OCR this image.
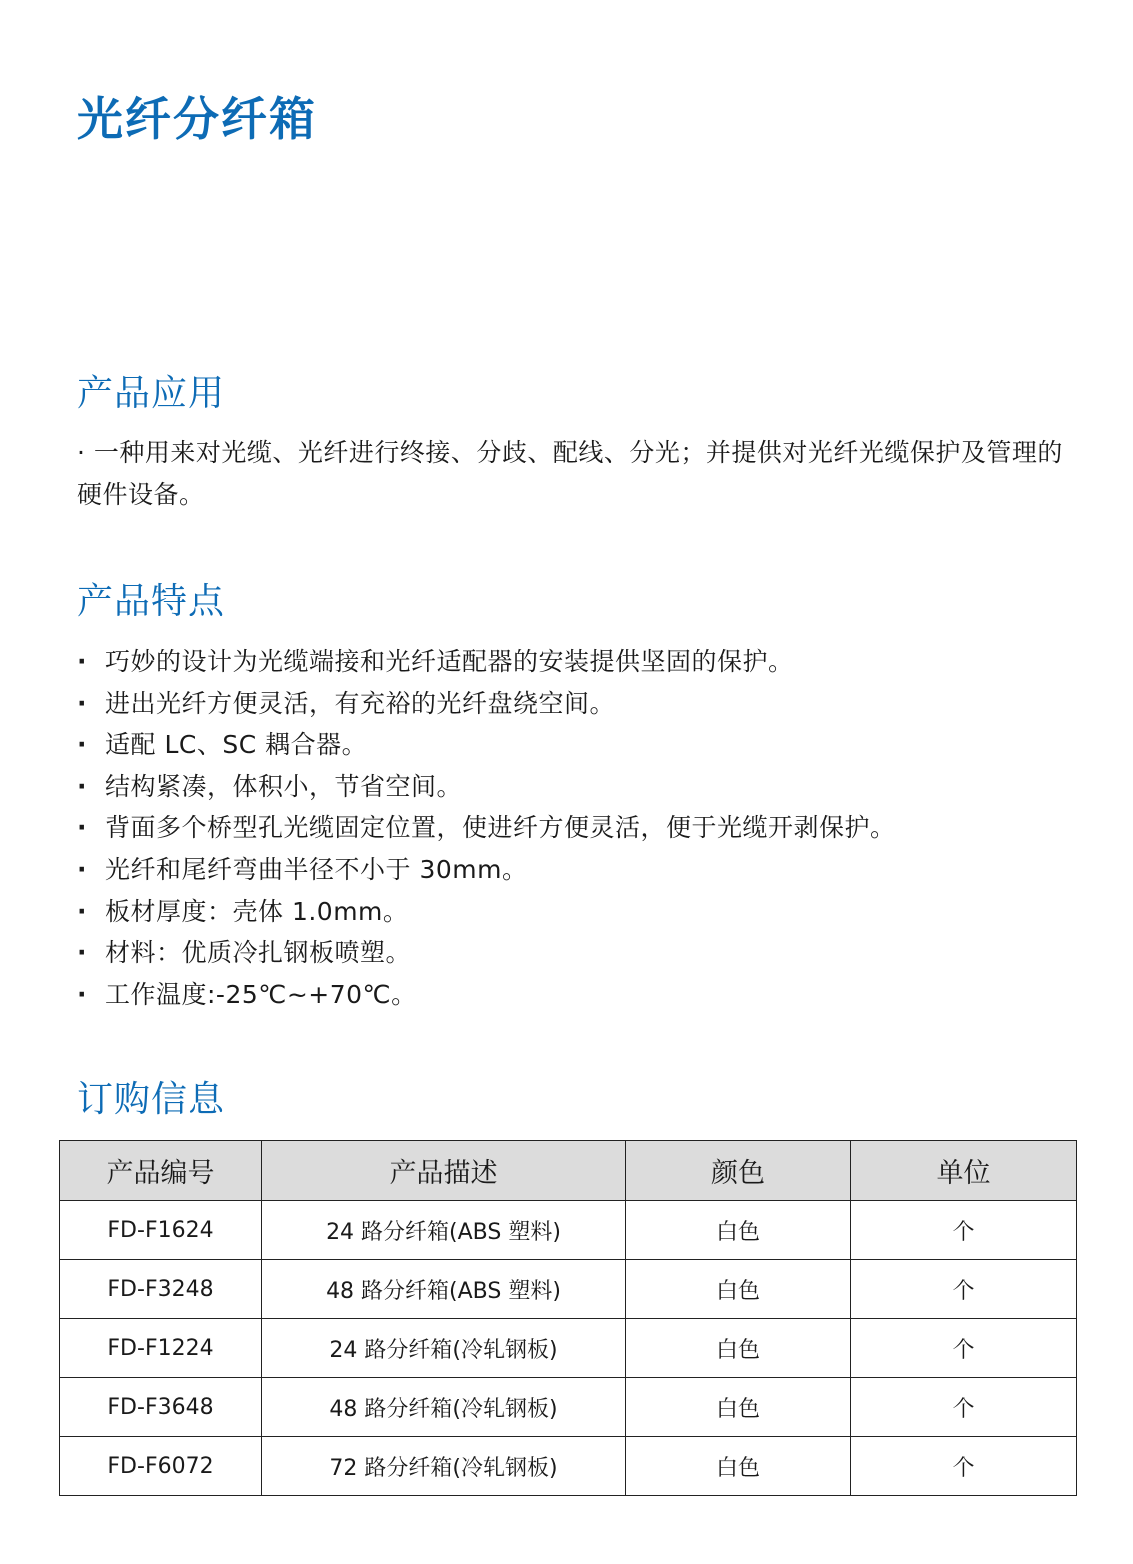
光纤分纤箱
产品应用
· 一种用来对光缆、光纤进行终接、分歧、配线、分光；并提供对光纤光缆保护及管理的硬件设备。
产品特点
· 巧妙的设计为光缆端接和光纤适配器的安装提供坚固的保护。
· 进出光纤方便灵活，有充裕的光纤盘绕空间。
· 适配 LC、SC 耦合器。
· 结构紧凑，体积小，节省空间。
· 背面多个桥型孔光缆固定位置，使进纤方便灵活，便于光缆开剥保护。
· 光纤和尾纤弯曲半径不小于 30mm。
· 板材厚度：壳体 1.0mm。
· 材料：优质冷扎钢板喷塑。
· 工作温度:-25℃~+70℃。
订购信息
产品编号	产品描述	颜色	单位
FD-F1624	24 路分纤箱(ABS 塑料)	白色	个
FD-F3248	48 路分纤箱(ABS 塑料)	白色	个
FD-F1224	24 路分纤箱(冷轧钢板)	白色	个
FD-F3648	48 路分纤箱(冷轧钢板)	白色	个
FD-F6072	72 路分纤箱(冷轧钢板)	白色	个
